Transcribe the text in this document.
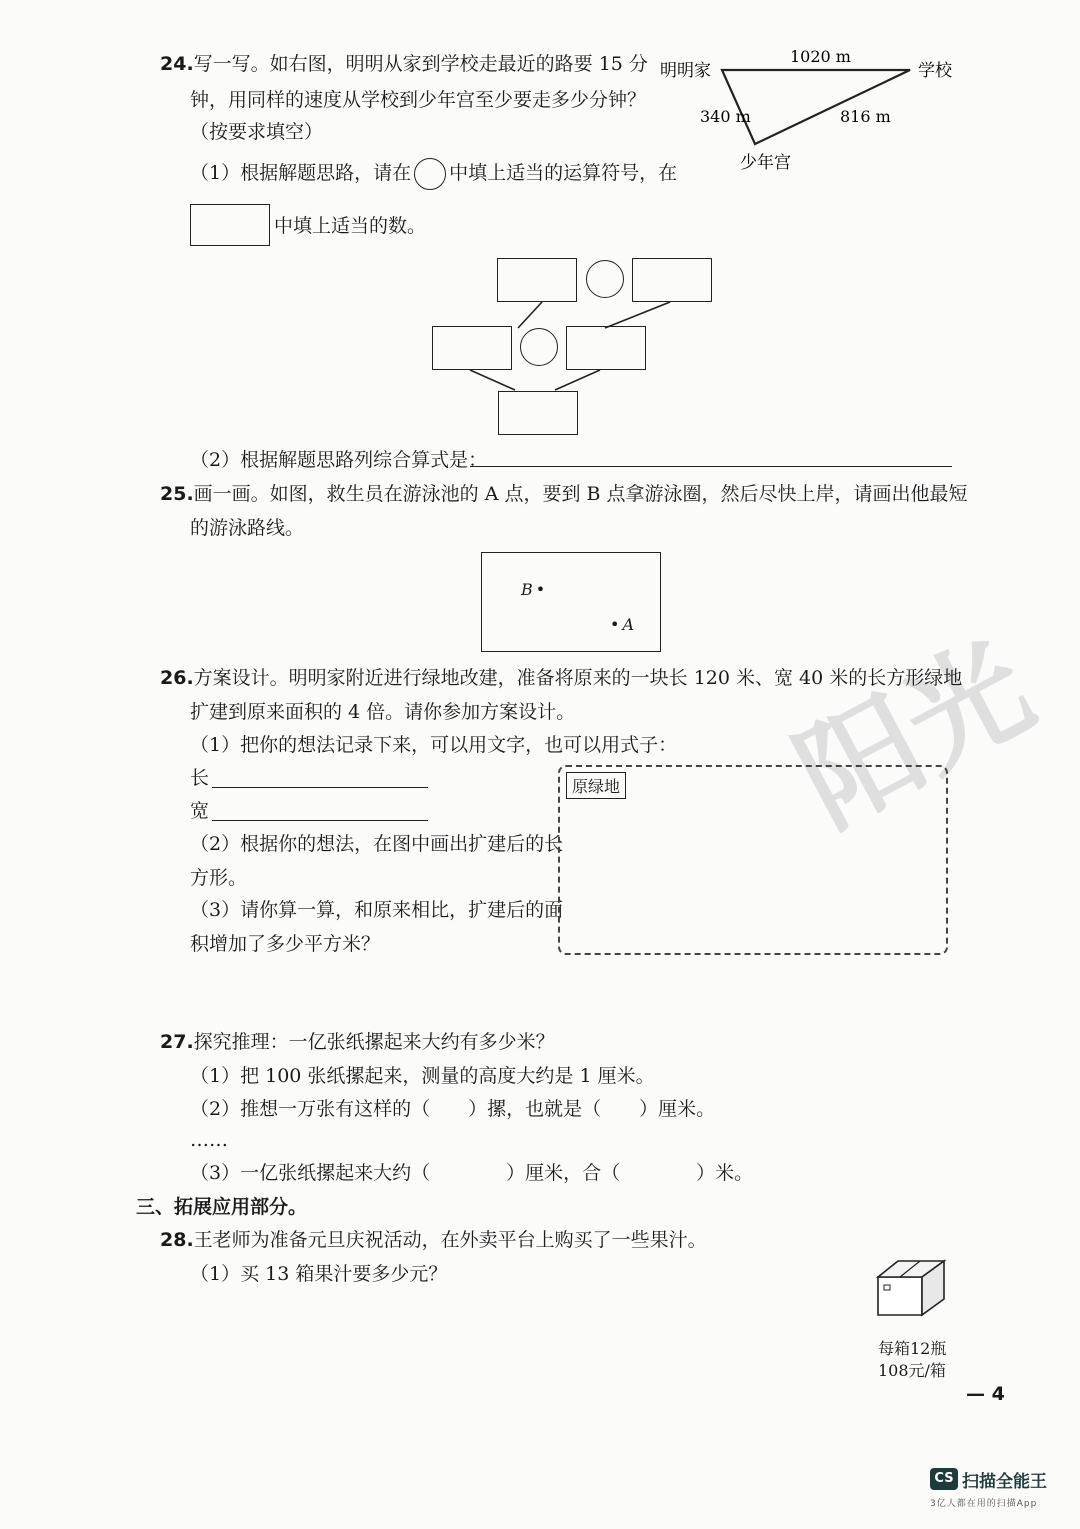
阳光
24.写一写。如右图，明明从家到学校走最近的路要 15 分
钟，用同样的速度从学校到少年宫至少要走多少分钟？
（按要求填空）
明明家	学校
少年宫
1020 m
340 m	816 m
（1）根据解题思路，请在 中填上适当的运算符号，在
中填上适当的数。
（2）根据解题思路列综合算式是：
25.画一画。如图，救生员在游泳池的 A 点，要到 B 点拿游泳圈，然后尽快上岸，请画出他最短
的游泳路线。
B •
• A
26.方案设计。明明家附近进行绿地改建，准备将原来的一块长 120 米、宽 40 米的长方形绿地
扩建到原来面积的 4 倍。请你参加方案设计。
（1）把你的想法记录下来，可以用文字，也可以用式子：
长
宽
（2）根据你的想法，在图中画出扩建后的长
方形。
（3）请你算一算，和原来相比，扩建后的面
积增加了多少平方米？
原绿地
27.探究推理：一亿张纸摞起来大约有多少米？
（1）把 100 张纸摞起来，测量的高度大约是 1 厘米。
（2）推想一万张有这样的（　　）摞，也就是（　　）厘米。
……
（3）一亿张纸摞起来大约（　　　　）厘米，合（　　　　）米。
三、拓展应用部分。
28.王老师为准备元旦庆祝活动，在外卖平台上购买了一些果汁。
（1）买 13 箱果汁要多少元？
每箱12瓶
108元/箱
— 4
CS 扫描全能王
3亿人都在用的扫描App
